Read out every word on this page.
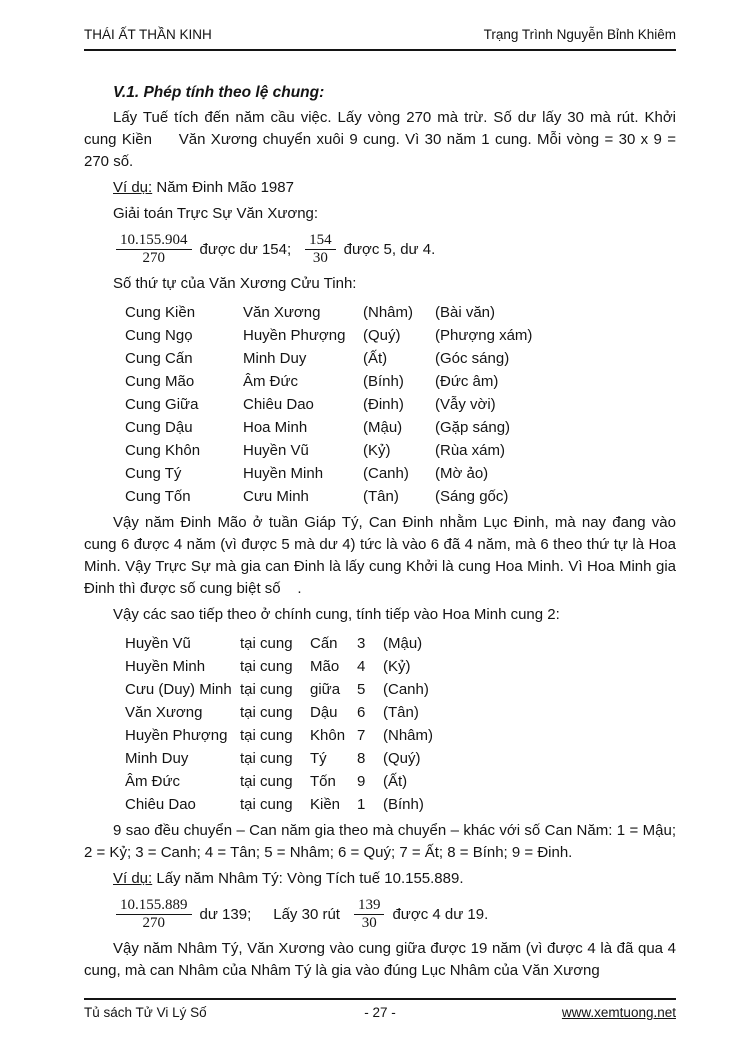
THÁI ẤT THẦN KINH	Trạng Trình Nguyễn Bỉnh Khiêm
V.1. Phép tính theo lệ chung:

Lấy Tuế tích đến năm cầu việc. Lấy vòng 270 mà trừ. Số dư lấy 30 mà rút. Khởi cung Kiền     Văn Xương chuyển xuôi 9 cung. Vì 30 năm 1 cung. Mỗi vòng = 30 x 9 = 270 số.

Ví dụ: Năm Đinh Mão 1987

Giải toán Trực Sự Văn Xương:

$\frac{10.155.904}{270}$ được dư 154; $\frac{154}{30}$ được 5, dư 4.

Số thứ tự của Văn Xương Cửu Tinh:

Cung Kiền	Văn Xương	(Nhâm)	(Bài văn)
Cung Ngọ	Huyền Phượng	(Quý)	(Phượng xám)
Cung Cấn	Minh Duy	(Ất)	(Góc sáng)
Cung Mão	Âm Đức	(Bính)	(Đức âm)
Cung Giữa	Chiêu Dao	(Đinh)	(Vẫy vời)
Cung Dậu	Hoa Minh	(Mậu)	(Gặp sáng)
Cung Khôn	Huyền Vũ	(Kỷ)	(Rùa xám)
Cung Tý	Huyền Minh	(Canh)	(Mờ ảo)
Cung Tốn	Cưu Minh	(Tân)	(Sáng gốc)

Vậy năm Đinh Mão ở tuần Giáp Tý, Can Đinh nhằm Lục Đinh, mà nay đang vào cung 6 được 4 năm (vì được 5 mà dư 4) tức là vào 6 đã 4 năm, mà 6 theo thứ tự là Hoa Minh. Vậy Trực Sự mà gia can Đinh là lấy cung Khởi là cung Hoa Minh. Vì Hoa Minh gia Đinh thì được số cung biệt số    .

Vậy các sao tiếp theo ở chính cung, tính tiếp vào Hoa Minh cung 2:

Huyền Vũ	tại cung	Cấn	3	(Mậu)
Huyền Minh	tại cung	Mão	4	(Kỷ)
Cưu (Duy) Minh tại cung	giữa	5	(Canh)
Văn Xương	tại cung	Dậu	6	(Tân)
Huyền Phượng tại cung	Khôn 7	(Nhâm)
Minh Duy	tại cung	Tý	8	(Quý)
Âm Đức	tại cung	Tốn	9	(Ất)
Chiêu Dao	tại cung	Kiền	1	(Bính)

9 sao đều chuyển – Can năm gia theo mà chuyển – khác với số Can Năm: 1 = Mậu; 2 = Kỷ; 3 = Canh; 4 = Tân; 5 = Nhâm; 6 = Quý; 7 = Ất; 8 = Bính; 9 = Đinh.

Ví dụ: Lấy năm Nhâm Tý: Vòng Tích tuế 10.155.889.

$\frac{10.155.889}{270}$ dư 139; Lấy 30 rút $\frac{139}{30}$ được 4 dư 19.

Vậy năm Nhâm Tý, Văn Xương vào cung giữa được 19 năm (vì được 4 là đã qua 4 cung, mà can Nhâm của Nhâm Tý là gia vào đúng Lục Nhâm của Văn Xương

Tủ sách Tử Vi Lý Số	- 27 -	www.xemtuong.net
